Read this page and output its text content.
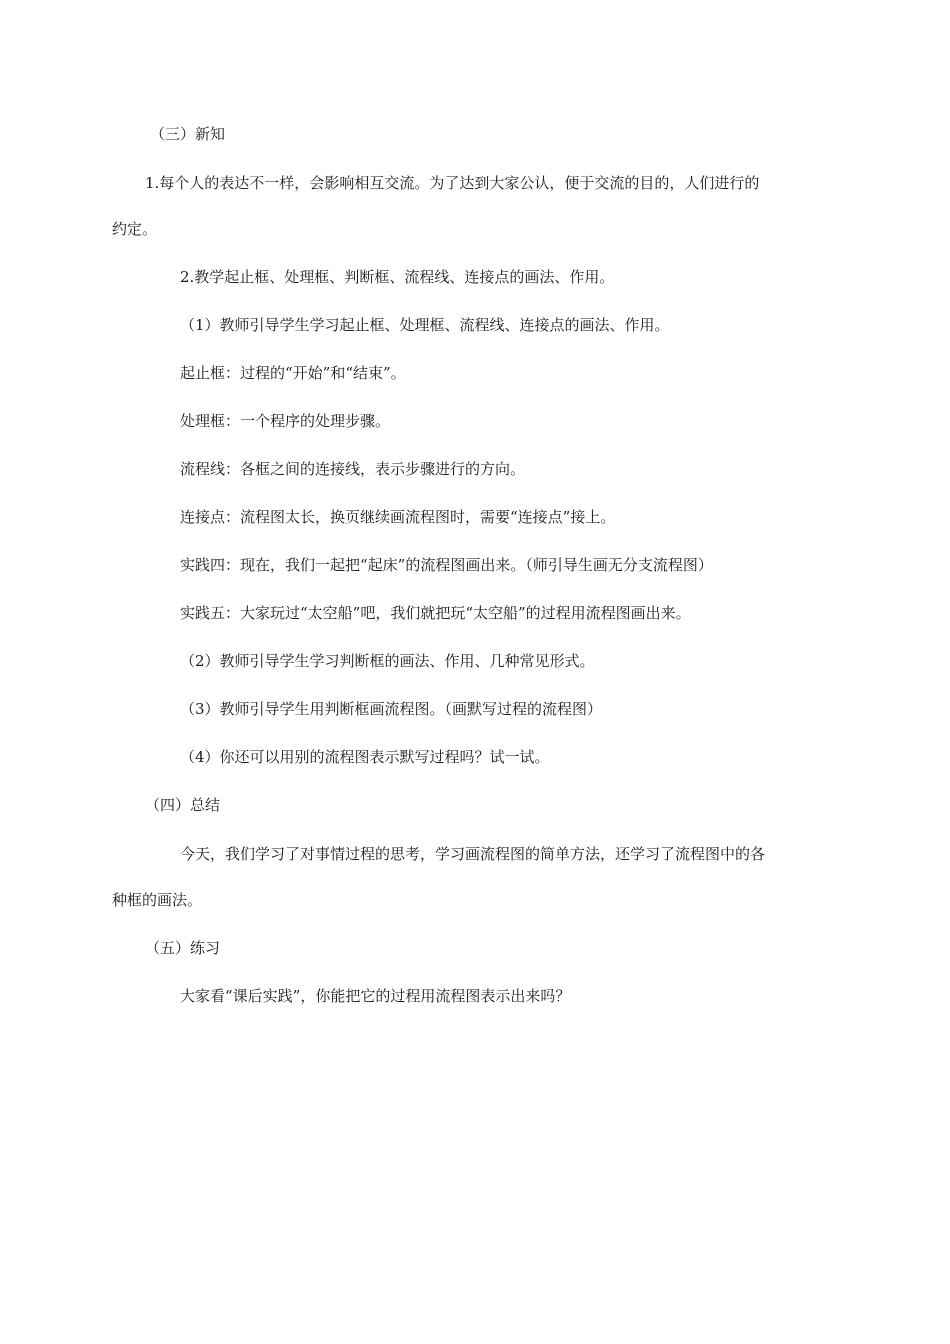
（三）新知

1.每个人的表达不一样，会影响相互交流。为了达到大家公认，便于交流的目的，人们进行的

约定。

2.教学起止框、处理框、判断框、流程线、连接点的画法、作用。

（1）教师引导学生学习起止框、处理框、流程线、连接点的画法、作用。

起止框：过程的“开始”和“结束”。

处理框：一个程序的处理步骤。

流程线：各框之间的连接线，表示步骤进行的方向。

连接点：流程图太长，换页继续画流程图时，需要“连接点”接上。

实践四：现在，我们一起把“起床”的流程图画出来。（师引导生画无分支流程图）

实践五：大家玩过“太空船”吧，我们就把玩“太空船”的过程用流程图画出来。

（2）教师引导学生学习判断框的画法、作用、几种常见形式。

（3）教师引导学生用判断框画流程图。（画默写过程的流程图）

（4）你还可以用别的流程图表示默写过程吗？试一试。

（四）总结

今天，我们学习了对事情过程的思考，学习画流程图的简单方法，还学习了流程图中的各

种框的画法。

（五）练习

大家看“课后实践”，你能把它的过程用流程图表示出来吗？
